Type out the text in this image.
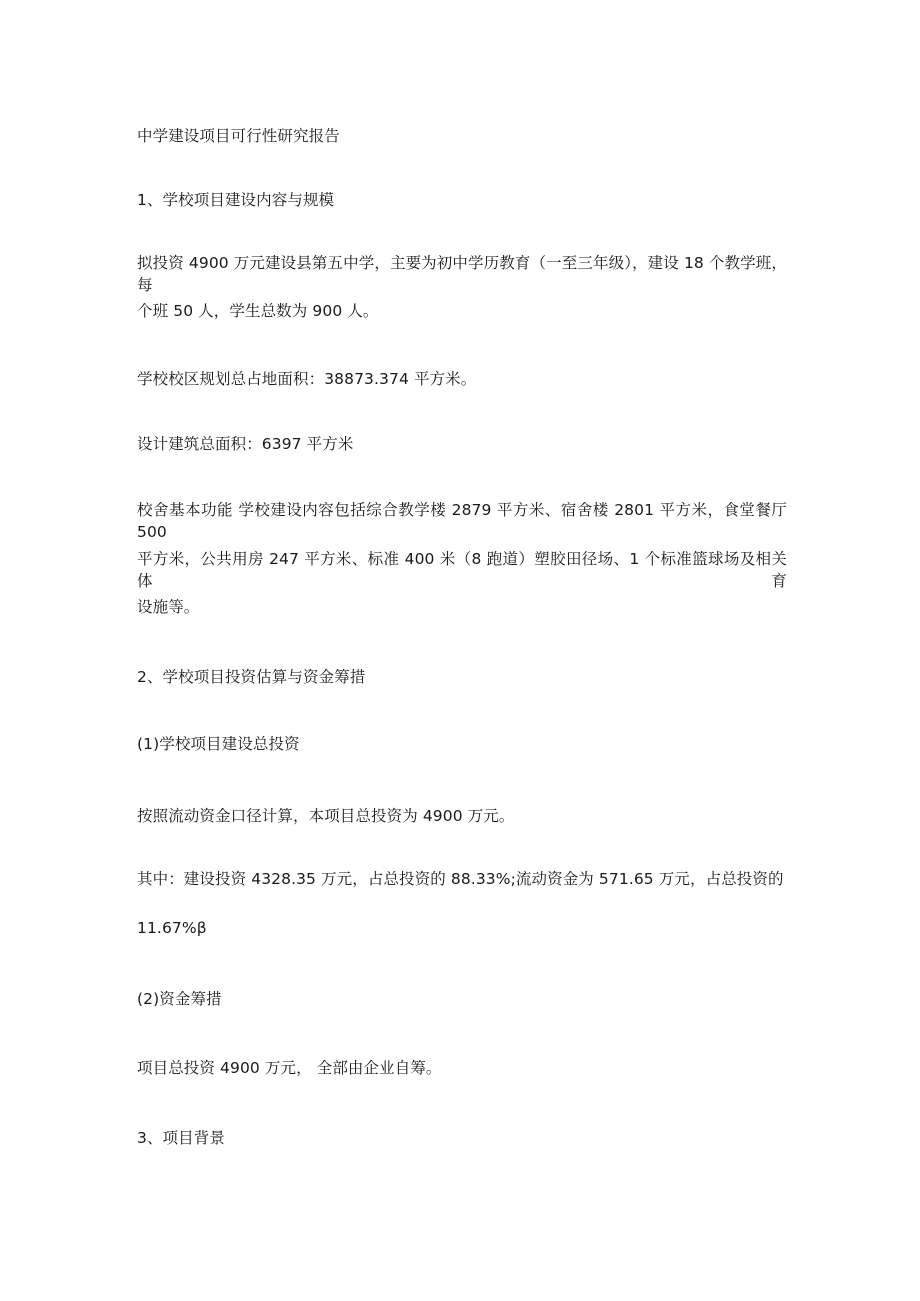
中学建设项目可行性研究报告

1、学校项目建设内容与规模

拟投资 4900 万元建设县第五中学，主要为初中学历教育（一至三年级），建设 18 个教学班，每

个班 50 人，学生总数为 900 人。

学校校区规划总占地面积：38873.374 平方米。

设计建筑总面积：6397 平方米

校舍基本功能 学校建设内容包括综合教学楼 2879 平方米、宿舍楼 2801 平方米，食堂餐厅 500

平方米，公共用房 247 平方米、标准 400 米（8 跑道）塑胶田径场、1 个标准篮球场及相关体育

设施等。

2、学校项目投资估算与资金筹措

(1)学校项目建设总投资

按照流动资金口径计算，本项目总投资为 4900 万元。

其中：建设投资 4328.35 万元，占总投资的 88.33%;流动资金为 571.65 万元，占总投资的

11.67%β

(2)资金筹措

项目总投资 4900 万元， 全部由企业自筹。

3、项目背景
